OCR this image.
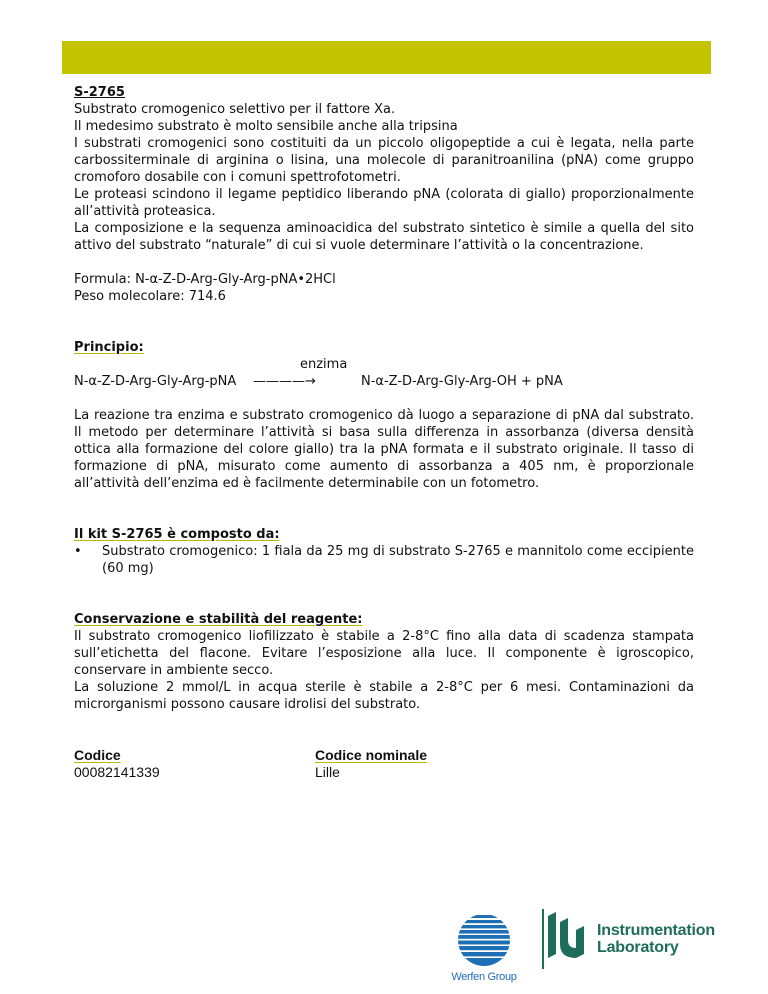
S-2765

Substrato cromogenico selettivo per il fattore Xa.

Il medesimo substrato è molto sensibile anche alla tripsina

I substrati cromogenici sono costituiti da un piccolo oligopeptide a cui è legata, nella parte carbossiterminale di arginina o lisina, una molecole di paranitroanilina (pNA) come gruppo cromoforo dosabile con i comuni spettrofotometri.

Le proteasi scindono il legame peptidico liberando pNA (colorata di giallo) proporzionalmente all’attività proteasica.

La composizione e la sequenza aminoacidica del substrato sintetico è simile a quella del sito attivo del substrato “naturale” di cui si vuole determinare l’attività o la concentrazione.

Formula: N-α-Z-D-Arg-Gly-Arg-pNA•2HCl

Peso molecolare: 714.6

Principio:

enzima
N-α-Z-D-Arg-Gly-Arg-pNA ————→	N-α-Z-D-Arg-Gly-Arg-OH + pNA

La reazione tra enzima e substrato cromogenico dà luogo a separazione di pNA dal substrato. Il metodo per determinare l’attività si basa sulla differenza in assorbanza (diversa densità ottica alla formazione del colore giallo) tra la pNA formata e il substrato originale. Il tasso di formazione di pNA, misurato come aumento di assorbanza a 405 nm, è proporzionale all’attività dell’enzima ed è facilmente determinabile con un fotometro.

Il kit S-2765 è composto da:

• Substrato cromogenico: 1 fiala da 25 mg di substrato S-2765 e mannitolo come eccipiente (60 mg)

Conservazione e stabilità del reagente:

Il substrato cromogenico liofilizzato è stabile a 2-8°C fino alla data di scadenza stampata sull’etichetta del flacone. Evitare l’esposizione alla luce. Il componente è igroscopico, conservare in ambiente secco.

La soluzione 2 mmol/L in acqua sterile è stabile a 2-8°C per 6 mesi. Contaminazioni da microrganismi possono causare idrolisi del substrato.

Codice
00082141339
Codice nominale
Lille
Werfen Group
Instrumentation
Laboratory
